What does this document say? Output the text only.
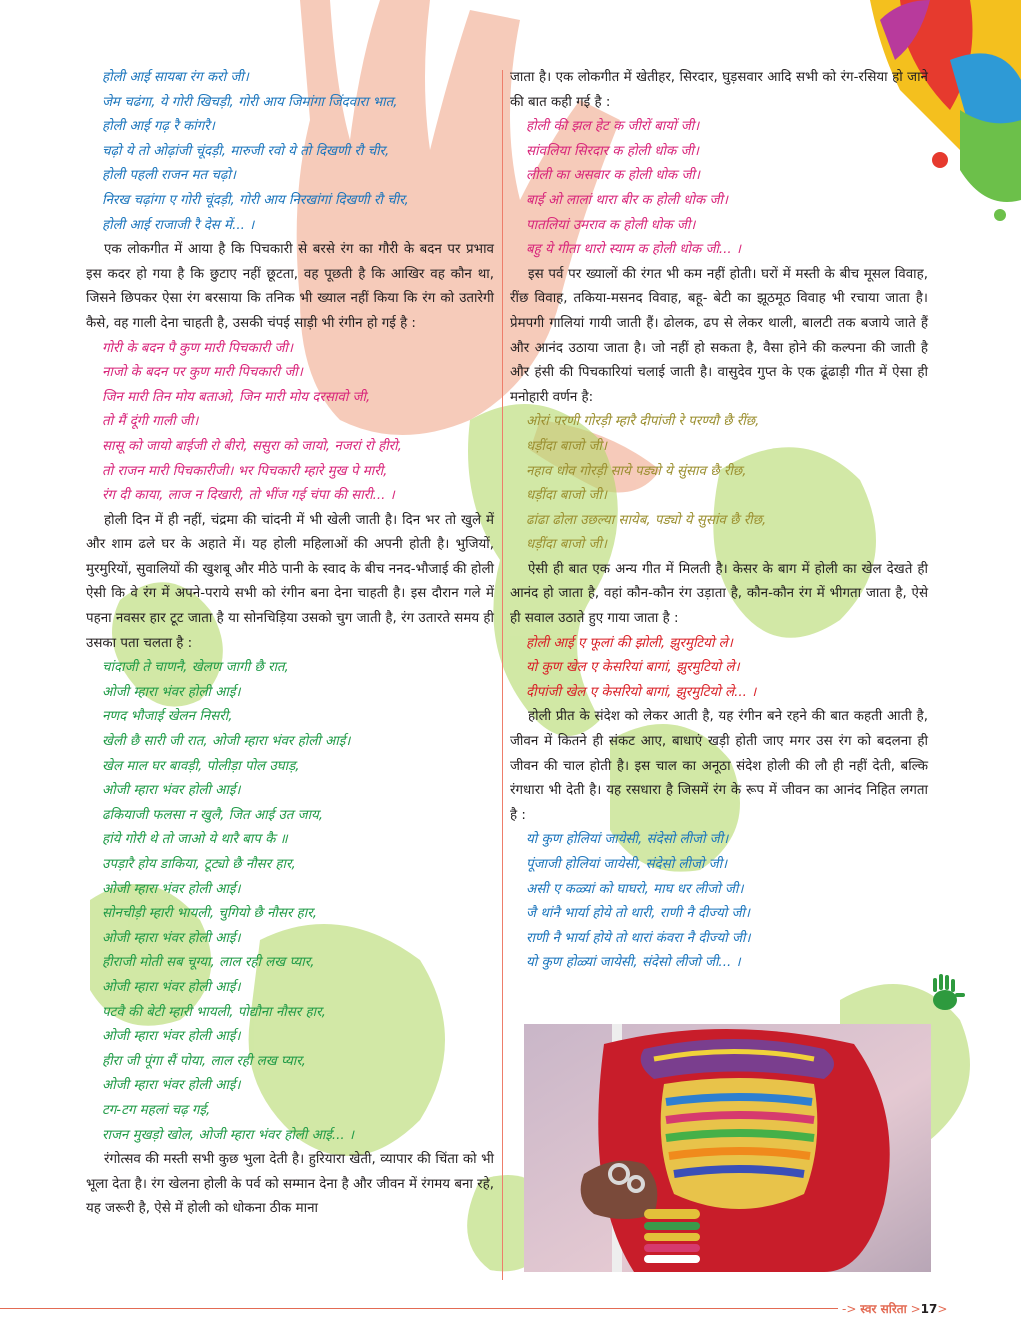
होली आई सायबा रंग करो जी।
जेम चढंगा, ये गोरी खिचड़ी, गोरी आय जिमांगा जिंदवारा भात,
होली आई गढ़ रै कांगरै।
चढ़ो ये तो ओढ़ांजी चूंदड़ी, मारुजी रवो ये तो दिखणी रौ चीर,
होली पहली राजन मत चढ़ो।
निरख चढ़ांगा ए गोरी चूंदड़ी, गोरी आय निरखांगां दिखणी रौ चीर,
होली आई राजाजी रै देस में... ।

एक लोकगीत में आया है कि पिचकारी से बरसे रंग का गौरी के बदन पर प्रभाव इस कदर हो गया है कि छुटाए नहीं छूटता, वह पूछती है कि आखिर वह कौन था, जिसने छिपकर ऐसा रंग बरसाया कि तनिक भी ख्याल नहीं किया कि रंग को उतारेगी कैसे, वह गाली देना चाहती है, उसकी चंपई साड़ी भी रंगीन हो गई है :

गोरी के बदन पै कुण मारी पिचकारी जी।
नाजो के बदन पर कुण मारी पिचकारी जी।
जिन मारी तिन मोय बताओ, जिन मारी मोय दरसावो जी,
तो मैं दूंगी गाली जी।
सासू को जायो बाईजी रो बीरो, ससुरा को जायो, नजरां रो हीरो,
तो राजन मारी पिचकारीजी। भर पिचकारी म्हारे मुख पे मारी,
रंग दी काया, लाज न दिखारी, तो भींज गई चंपा की सारी... ।

होली दिन में ही नहीं, चंद्रमा की चांदनी में भी खेली जाती है। दिन भर तो खुले में और शाम ढले घर के अहाते में। यह होली महिलाओं की अपनी होती है। भुजियों, मुरमुरियों, सुवालियों की खुशबू और मीठे पानी के स्वाद के बीच ननद-भौजाई की होली ऐसी कि वे रंग में अपने-पराये सभी को रंगीन बना देना चाहती है। इस दौरान गले में पहना नवसर हार टूट जाता है या सोनचिड़िया उसको चुग जाती है, रंग उतारते समय ही उसका पता चलता है :

चांदाजी ते चाणनै, खेलण जागी छै रात,
ओजी म्हारा भंवर होली आई।
नणद भौजाई खेलन निसरी,
खेली छै सारी जी रात, ओजी म्हारा भंवर होली आई।
खेल माल घर बावड़ी, पोलीड़ा पोल उघाड़,
ओजी म्हारा भंवर होली आई।
ढकियाजी फलसा न खुलै, जित आई उत जाय,
हांये गोरी थे तो जाओ ये थारै बाप कै ॥
उपड़ारै होय डाकिया, टूट्यो छै नौसर हार,
ओजी म्हारा भंवर होली आई।
सोनचीड़ी म्हारी भायली, चुगियो छै नौसर हार,
ओजी म्हारा भंवर होली आई।
हीराजी मोती सब चूग्या, लाल रही लख प्यार,
ओजी म्हारा भंवर होली आई।
पटवै की बेटी म्हारी भायली, पोद्यौना नौसर हार,
ओजी म्हारा भंवर होली आई।
हीरा जी पूंगा सैं पोया, लाल रही लख प्यार,
ओजी म्हारा भंवर होली आई।
टग-टग महलां चढ़ गई,
राजन मुखड़ो खोल, ओजी म्हारा भंवर होली आई... ।

रंगोत्सव की मस्ती सभी कुछ भुला देती है। हुरियारा खेती, व्यापार की चिंता को भी भूला देता है। रंग खेलना होली के पर्व को सम्मान देना है और जीवन में रंगमय बना रहे, यह जरूरी है, ऐसे में होली को धोकना ठीक माना

जाता है। एक लोकगीत में खेतीहर, सिरदार, घुड़सवार आदि सभी को रंग-रसिया हो जाने की बात कही गई है :

होली की झल हेट क जीरों बायों जी।
सांवलिया सिरदार क होली धोक जी।
लीली का असवार क होली धोक जी।
बाई ओ लालां थारा बीर क होली धोक जी।
पातलियां उमराव क होली धोक जी।
बहु ये गीता थारो स्याम क होली धोक जी... ।

इस पर्व पर ख्यालों की रंगत भी कम नहीं होती। घरों में मस्ती के बीच मूसल विवाह, रींछ विवाह, तकिया-मसनद विवाह, बहू- बेटी का झूठमूठ विवाह भी रचाया जाता है। प्रेमपगी गालियां गायी जाती हैं। ढोलक, ढप से लेकर थाली, बालटी तक बजाये जाते हैं और आनंद उठाया जाता है। जो नहीं हो सकता है, वैसा होने की कल्पना की जाती है और हंसी की पिचकारियां चलाई जाती है। वासुदेव गुप्त के एक ढूंढाड़ी गीत में ऐसा ही मनोहारी वर्णन है:

ओरां परणी गोरड़ी म्हारै दीपांजी रे परण्यौ छै रींछ,
धड़ींदा बाजो जी।
नहाव धोव गोरड़ी साये पड्यो ये सुंसाव छै रीछ,
धड़ींदा बाजो जी।
ढांढा ढोला उछल्या सायेब, पड्यो ये सुसांव छै रीछ,
धड़ींदा बाजो जी।

ऐसी ही बात एक अन्य गीत में मिलती है। केसर के बाग में होली का खेल देखते ही आनंद हो जाता है, वहां कौन-कौन रंग उड़ाता है, कौन-कौन रंग में भीगता जाता है, ऐसे ही सवाल उठाते हुए गाया जाता है :

होली आई ए फूलां की झोली, झुरमुटियो ले।
यो कुण खेल ए केसरियां बागां, झुरमुटियो ले।
दीपांजी खेल ए केसरियो बागां, झुरमुटियो ले... ।

होली प्रीत के संदेश को लेकर आती है, यह रंगीन बने रहने की बात कहती आती है, जीवन में कितने ही संकट आए, बाधाएं खड़ी होती जाए मगर उस रंग को बदलना ही जीवन की चाल होती है। इस चाल का अनूठा संदेश होली की लौ ही नहीं देती, बल्कि रंगधारा भी देती है। यह रसधारा है जिसमें रंग के रूप में जीवन का आनंद निहित लगता है :

यो कुण होलियां जायेसी, संदेसो लीजो जी।
पूंजाजी होलियां जायेसी, संदेसो लीजो जी।
असी ए कळ्यां को घाघरो, माघ धर लीजो जी।
जै थांनै भार्या होये तो थारी, राणी नै दीज्यो जी।
राणी नै भार्या होये तो थारां कंवरा नै दीज्यो जी।
यो कुण होळ्यां जायेसी, संदेसो लीजो जी... ।
-> स्वर सरिता >17>
